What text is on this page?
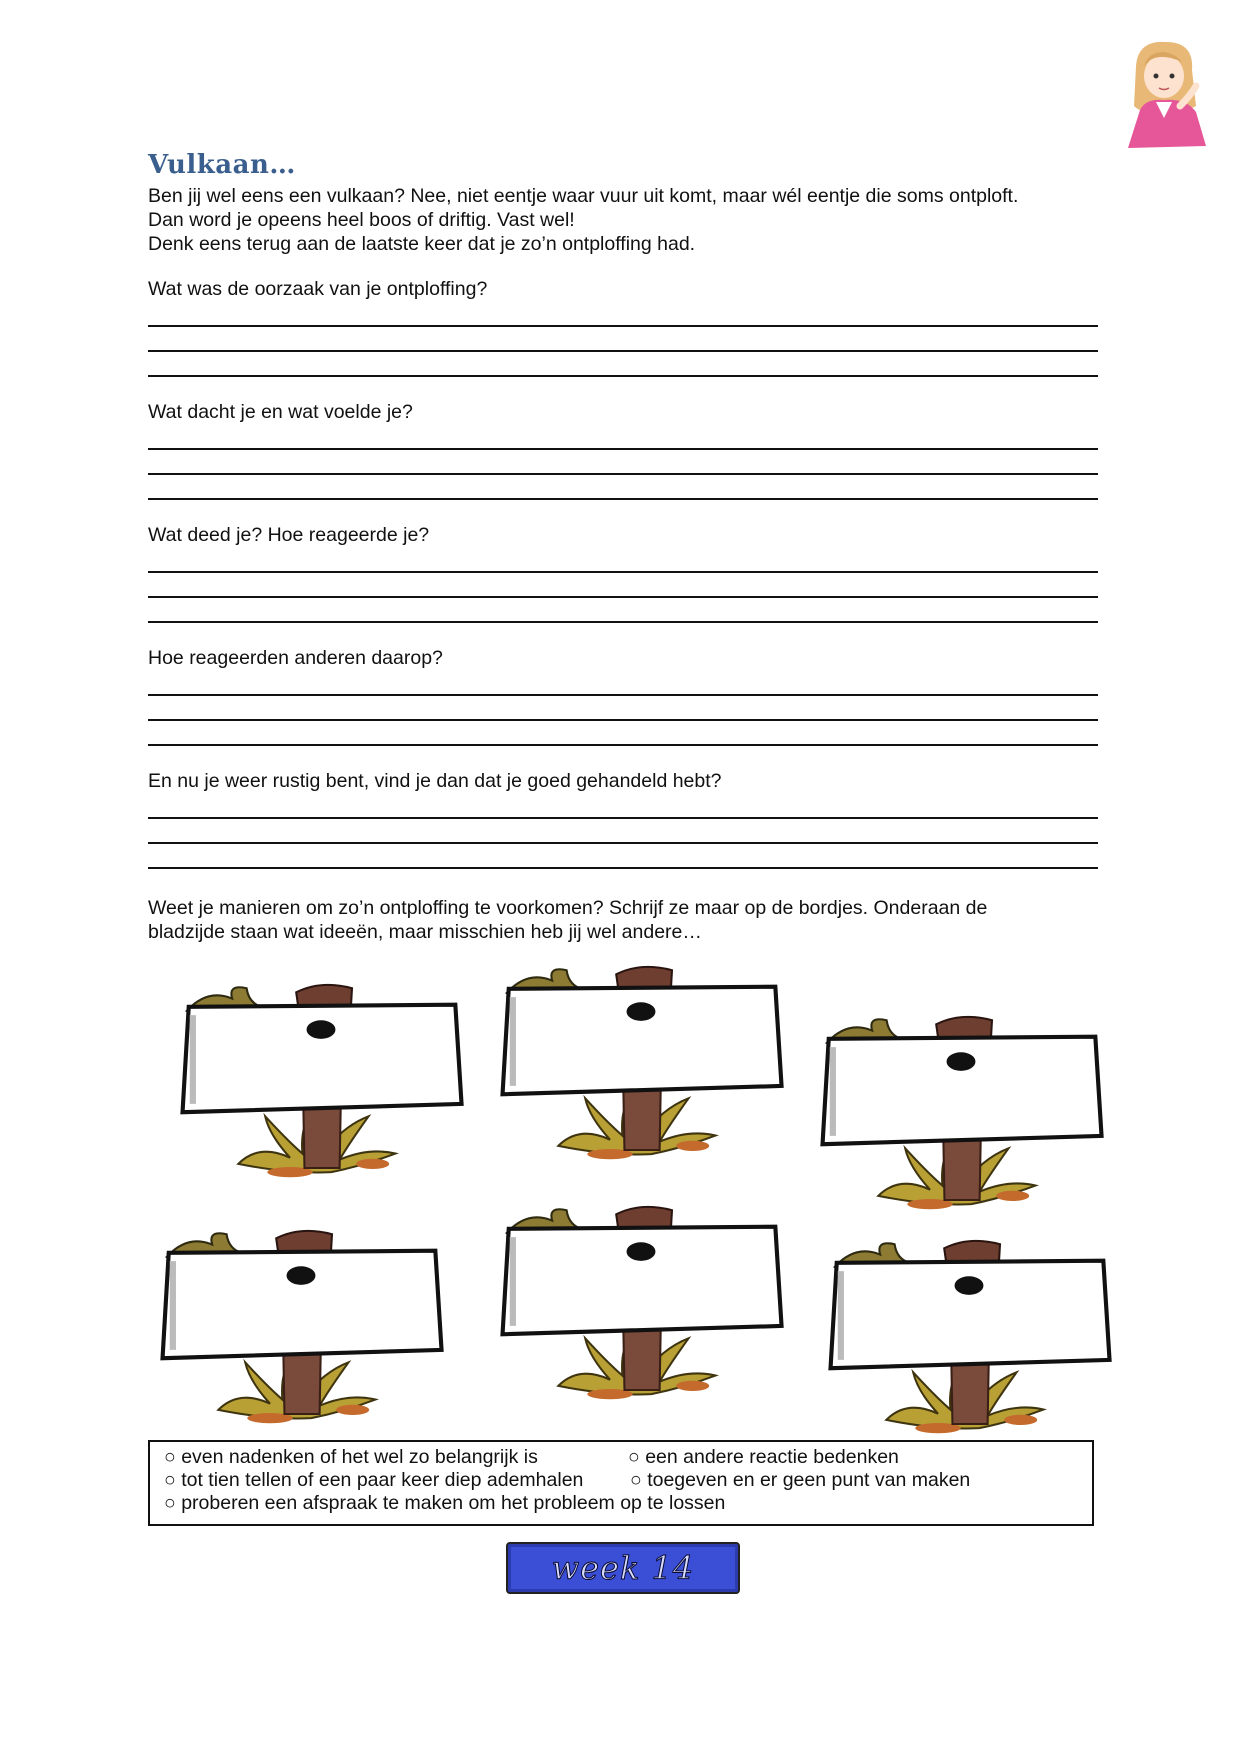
Vulkaan…
Ben jij wel eens een vulkaan? Nee, niet eentje waar vuur uit komt, maar wél eentje die soms ontploft.
Dan word je opeens heel boos of driftig. Vast wel!
Denk eens terug aan de laatste keer dat je zo’n ontploffing had.
Wat was de oorzaak van je ontploffing?
Wat dacht je en wat voelde je?
Wat deed je? Hoe reageerde je?
Hoe reageerden anderen daarop?
En nu je weer rustig bent, vind je dan dat je goed gehandeld hebt?
Weet je manieren om zo’n ontploffing te voorkomen? Schrijf ze maar op de bordjes. Onderaan de
bladzijde staan wat ideeën, maar misschien heb jij wel andere…
○ even nadenken of het wel zo belangrijk is	○ een andere reactie bedenken
○ tot tien tellen of een paar keer diep ademhalen ○ toegeven en er geen punt van maken
○ proberen een afspraak te maken om het probleem op te lossen
week 14
